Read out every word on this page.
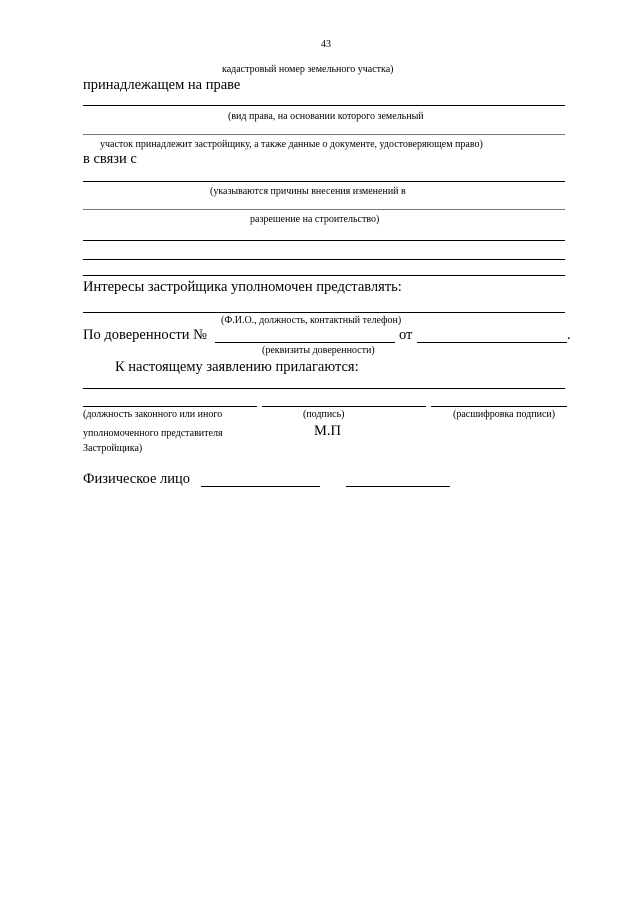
43
кадастровый номер земельного участка)
принадлежащем на праве
(вид права, на основании которого земельный
участок принадлежит застройщику, а также данные о документе, удостоверяющем право)
в связи с
(указываются причины внесения изменений в
разрешение на строительство)
Интересы застройщика уполномочен представлять:
(Ф.И.О., должность, контактный телефон)
По доверенности №	от	.
(реквизиты доверенности)
К настоящему заявлению прилагаются:
(должность законного или иного	(подпись)	(расшифровка подписи)
уполномоченного представителя	М.П
Застройщика)
Физическое лицо
